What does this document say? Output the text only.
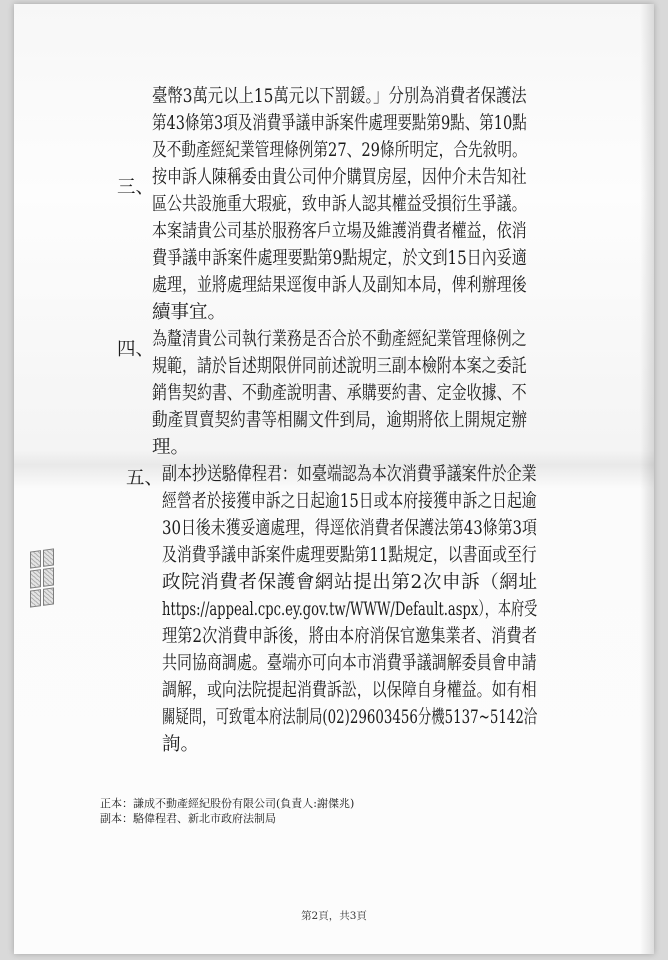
三、
四、
五、
臺幣3萬元以上15萬元以下罰鍰。」分別為消費者保護法
第43條第3項及消費爭議申訴案件處理要點第9點、第10點
及不動產經紀業管理條例第27、29條所明定，合先敘明。
按申訴人陳稱委由貴公司仲介購買房屋，因仲介未告知社
區公共設施重大瑕疵，致申訴人認其權益受損衍生爭議。
本案請貴公司基於服務客戶立場及維護消費者權益，依消
費爭議申訴案件處理要點第9點規定，於文到15日內妥適
處理，並將處理結果逕復申訴人及副知本局，俾利辦理後
續事宜。
為釐清貴公司執行業務是否合於不動產經紀業管理條例之
規範，請於旨述期限併同前述說明三副本檢附本案之委託
銷售契約書、不動產說明書、承購要約書、定金收據、不
動產買賣契約書等相關文件到局，逾期將依上開規定辦
理。
副本抄送駱偉程君：如臺端認為本次消費爭議案件於企業
經營者於接獲申訴之日起逾15日或本府接獲申訴之日起逾
30日後未獲妥適處理，得逕依消費者保護法第43條第3項
及消費爭議申訴案件處理要點第11點規定，以書面或至行
政院消費者保護會網站提出第2次申訴（網址
https://appeal.cpc.ey.gov.tw/WWW/Default.aspx），本府受
理第2次消費申訴後，將由本府消保官邀集業者、消費者
共同協商調處。臺端亦可向本市消費爭議調解委員會申請
調解，或向法院提起消費訴訟，以保障自身權益。如有相
關疑問，可致電本府法制局(02)29603456分機5137~5142洽
詢。
正本：謙成不動產經紀股份有限公司(負責人:謝傑兆)
副本：駱偉程君、新北市政府法制局
第2頁，共3頁
